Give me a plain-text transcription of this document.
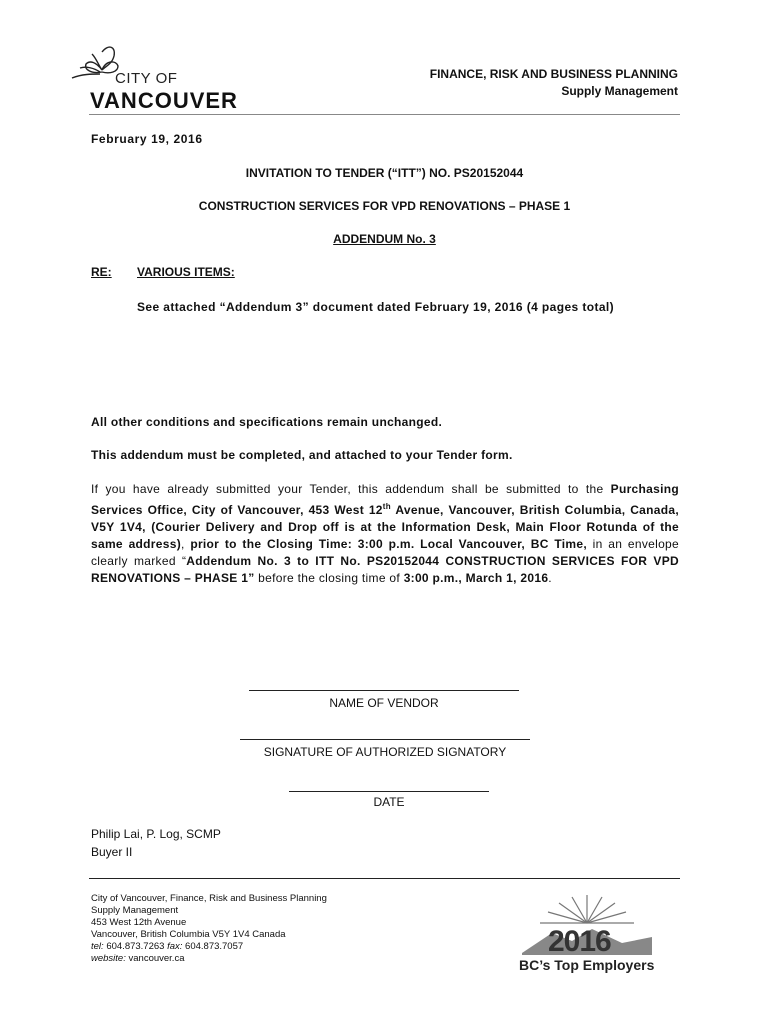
CITY OF
VANCOUVER
FINANCE, RISK AND BUSINESS PLANNING
Supply Management
February 19, 2016
INVITATION TO TENDER (“ITT”) NO. PS20152044
CONSTRUCTION SERVICES FOR VPD RENOVATIONS – PHASE 1
ADDENDUM No. 3
RE: VARIOUS ITEMS:
See attached “Addendum 3” document dated February 19, 2016 (4 pages total)
All other conditions and specifications remain unchanged.
This addendum must be completed, and attached to your Tender form.
If you have already submitted your Tender, this addendum shall be submitted to the Purchasing Services Office, City of Vancouver, 453 West 12th Avenue, Vancouver, British Columbia, Canada, V5Y 1V4, (Courier Delivery and Drop off is at the Information Desk, Main Floor Rotunda of the same address), prior to the Closing Time: 3:00 p.m. Local Vancouver, BC Time, in an envelope clearly marked “Addendum No. 3 to ITT No. PS20152044 CONSTRUCTION SERVICES FOR VPD RENOVATIONS – PHASE 1” before the closing time of 3:00 p.m., March 1, 2016.
NAME OF VENDOR
SIGNATURE OF AUTHORIZED SIGNATORY
DATE
Philip Lai, P. Log, SCMP
Buyer II
City of Vancouver, Finance, Risk and Business Planning
Supply Management
453 West 12th Avenue
Vancouver, British Columbia V5Y 1V4 Canada
tel: 604.873.7263 fax: 604.873.7057
website: vancouver.ca
2016
BC’s Top Employers
